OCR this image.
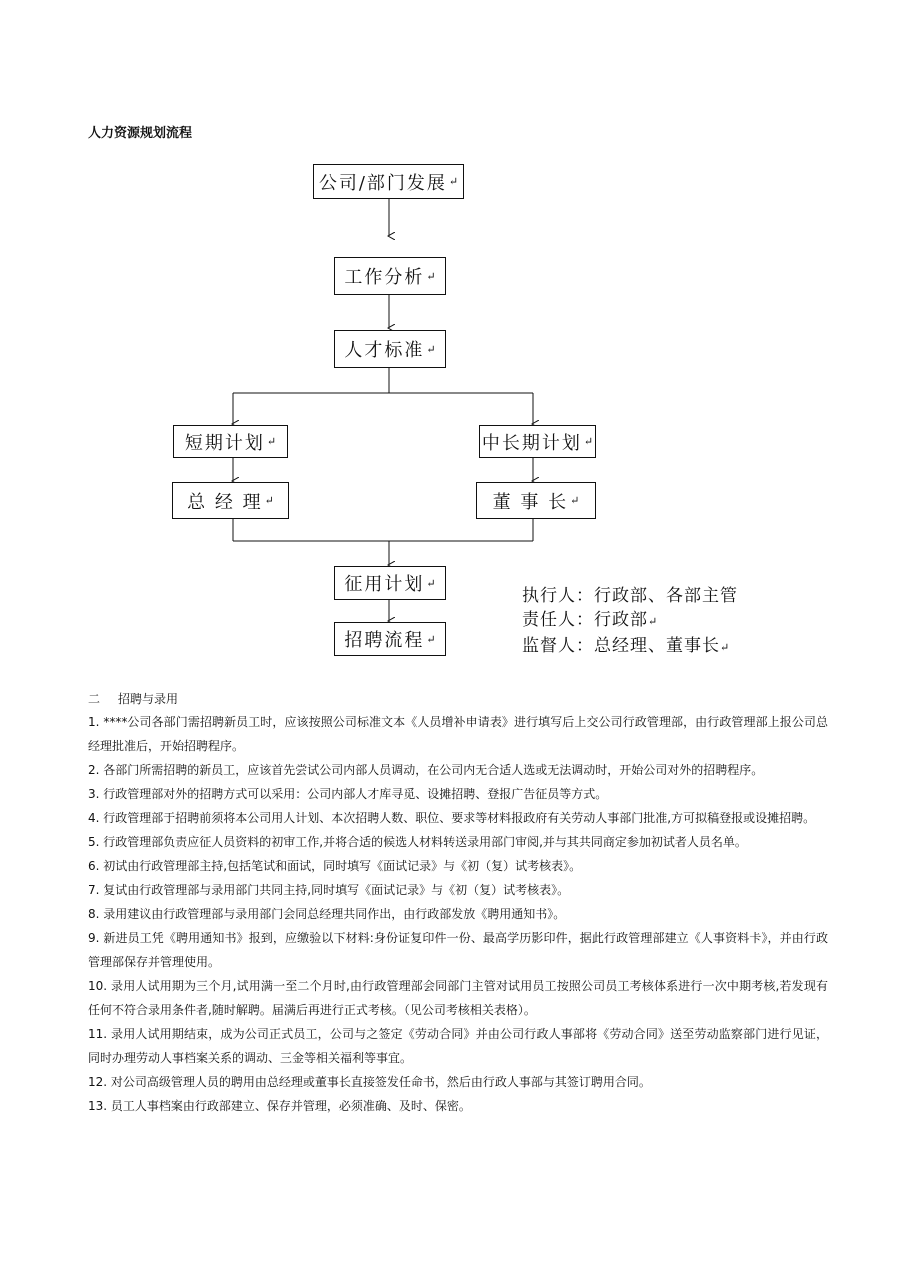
人力资源规划流程
公司/部门发展 ↵
工作分析 ↵
人才标准 ↵
短期计划 ↵	中长期计划 ↵
总 经 理 ↵	董 事 长 ↵
征用计划 ↵
招聘流程 ↵
执行人：行政部、各部主管
责任人：行政部↵
监督人：总经理、董事长↵
二 招聘与录用

1. ****公司各部门需招聘新员工时，应该按照公司标准文本《人员增补申请表》进行填写后上交公司行政管理部，由行政管理部上报公司总经理批准后，开始招聘程序。

2. 各部门所需招聘的新员工，应该首先尝试公司内部人员调动，在公司内无合适人选或无法调动时，开始公司对外的招聘程序。

3. 行政管理部对外的招聘方式可以采用：公司内部人才库寻觅、设摊招聘、登报广告征员等方式。

4. 行政管理部于招聘前须将本公司用人计划、本次招聘人数、职位、要求等材料报政府有关劳动人事部门批准,方可拟稿登报或设摊招聘。

5. 行政管理部负责应征人员资料的初审工作,并将合适的候选人材料转送录用部门审阅,并与其共同商定参加初试者人员名单。

6. 初试由行政管理部主持,包括笔试和面试，同时填写《面试记录》与《初（复）试考核表》。

7. 复试由行政管理部与录用部门共同主持,同时填写《面试记录》与《初（复）试考核表》。

8. 录用建议由行政管理部与录用部门会同总经理共同作出，由行政部发放《聘用通知书》。

9. 新进员工凭《聘用通知书》报到，应缴验以下材料:身份证复印件一份、最高学历影印件，据此行政管理部建立《人事资料卡》，并由行政管理部保存并管理使用。

10. 录用人试用期为三个月,试用满一至二个月时,由行政管理部会同部门主管对试用员工按照公司员工考核体系进行一次中期考核,若发现有任何不符合录用条件者,随时解聘。届满后再进行正式考核。（见公司考核相关表格）。

11. 录用人试用期结束，成为公司正式员工，公司与之签定《劳动合同》并由公司行政人事部将《劳动合同》送至劳动监察部门进行见证，同时办理劳动人事档案关系的调动、三金等相关福利等事宜。

12. 对公司高级管理人员的聘用由总经理或董事长直接签发任命书，然后由行政人事部与其签订聘用合同。

13. 员工人事档案由行政部建立、保存并管理，必须准确、及时、保密。
